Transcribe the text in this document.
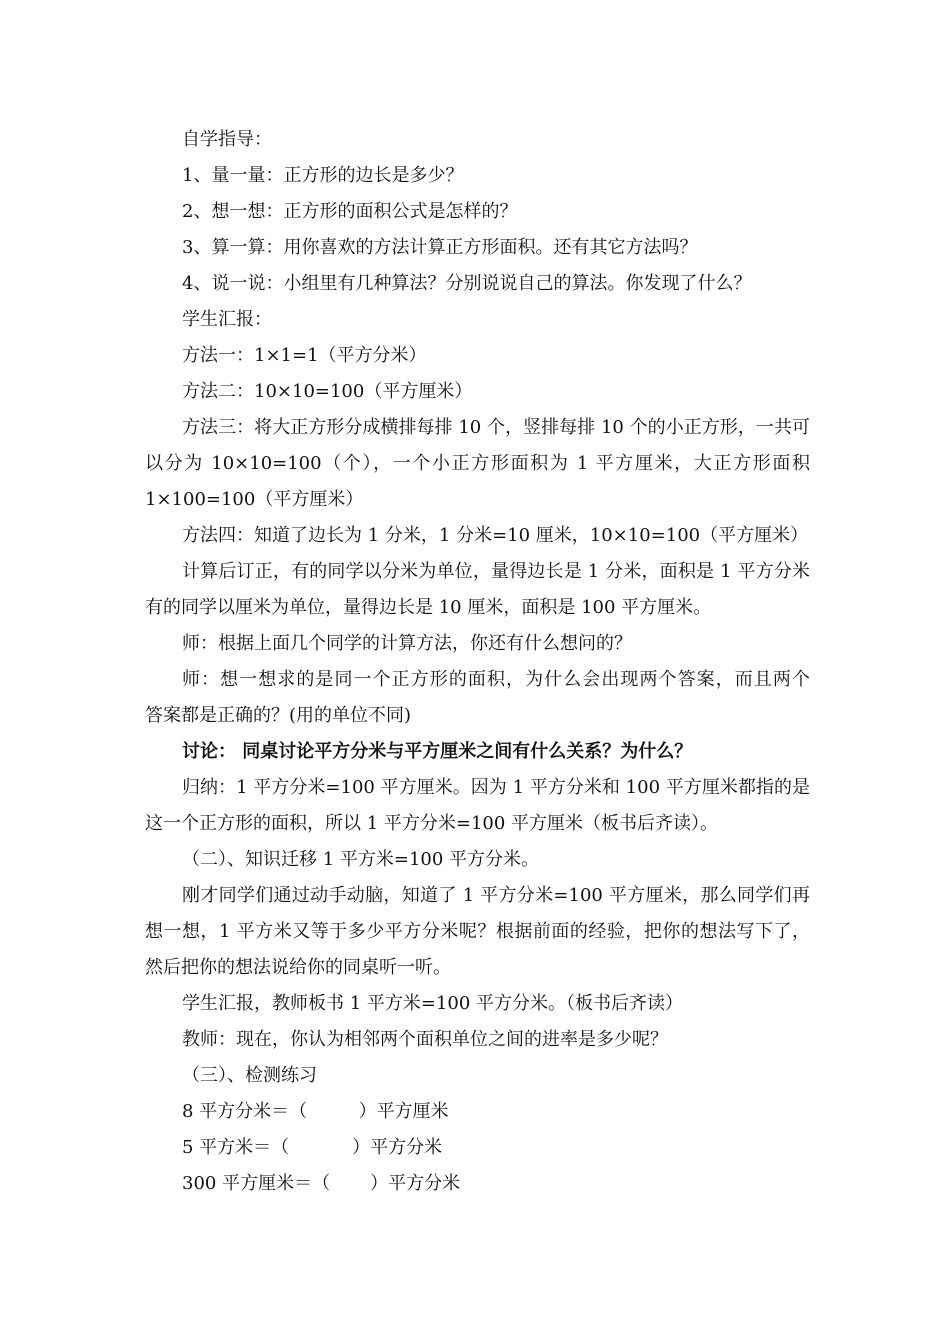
自学指导：

1、量一量：正方形的边长是多少？

2、想一想：正方形的面积公式是怎样的？

3、算一算：用你喜欢的方法计算正方形面积。还有其它方法吗？

4、说一说：小组里有几种算法？分别说说自己的算法。你发现了什么？

学生汇报：

方法一：1×1=1（平方分米）

方法二：10×10=100（平方厘米）

方法三：将大正方形分成横排每排 10 个，竖排每排 10 个的小正方形，一共可

以分为 10×10=100（个），一个小正方形面积为 1 平方厘米，大正方形面积

1×100=100（平方厘米）

方法四：知道了边长为 1 分米，1 分米=10 厘米，10×10=100（平方厘米）

计算后订正，有的同学以分米为单位，量得边长是 1 分米，面积是 1 平方分米

有的同学以厘米为单位，量得边长是 10 厘米，面积是 100 平方厘米。

师：根据上面几个同学的计算方法，你还有什么想问的？

师：想一想求的是同一个正方形的面积，为什么会出现两个答案，而且两个

答案都是正确的？(用的单位不同)

讨论： 同桌讨论平方分米与平方厘米之间有什么关系？为什么？

归纳：1 平方分米=100 平方厘米。因为 1 平方分米和 100 平方厘米都指的是

这一个正方形的面积，所以 1 平方分米=100 平方厘米（板书后齐读）。

（二）、知识迁移 1 平方米=100 平方分米。

刚才同学们通过动手动脑，知道了 1 平方分米=100 平方厘米，那么同学们再

想一想，1 平方米又等于多少平方分米呢？根据前面的经验，把你的想法写下了，

然后把你的想法说给你的同桌听一听。

学生汇报，教师板书 1 平方米=100 平方分米。（板书后齐读）

教师：现在，你认为相邻两个面积单位之间的进率是多少呢？

（三）、检测练习

8 平方分米＝（         ）平方厘米

5 平方米＝（           ）平方分米

300 平方厘米＝（       ）平方分米
